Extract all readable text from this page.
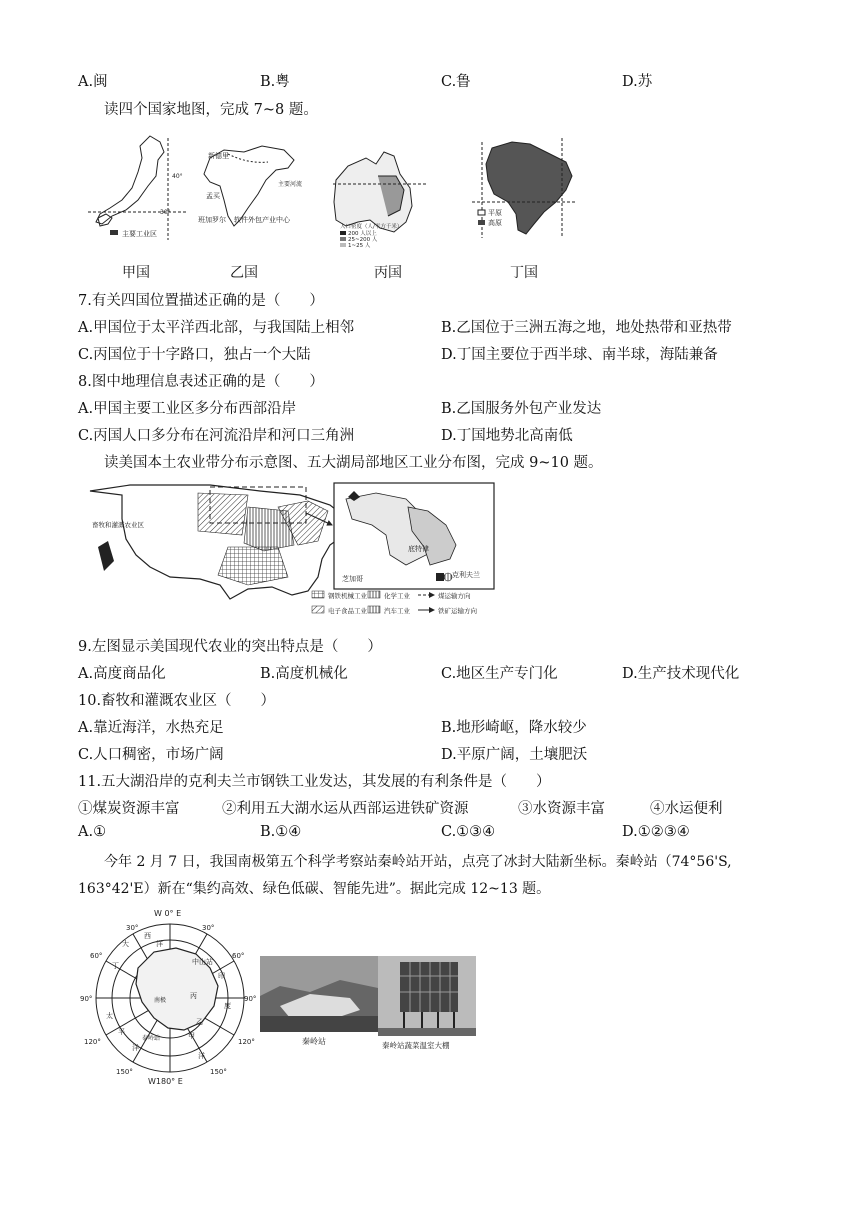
A.闽	B.粤	C.鲁	D.苏
读四个国家地图，完成 7~8 题。
40°
30°
主要工业区
新德里
孟买
班加罗尔 软件外包产业中心
主要河流
人口密度（人/平方千米）
200 人以上
25~200 人
1~25 人
平原
高原
甲国	乙国	丙国	丁国
7.有关四国位置描述正确的是（　　）
A.甲国位于太平洋西北部，与我国陆上相邻	B.乙国位于三洲五海之地，地处热带和亚热带
C.丙国位于十字路口，独占一个大陆	D.丁国主要位于西半球、南半球，海陆兼备
8.图中地理信息表述正确的是（　　）
A.甲国主要工业区多分布西部沿岸	B.乙国服务外包产业发达
C.丙国人口多分布在河流沿岸和河口三角洲	D.丁国地势北高南低
读美国本土农业带分布示意图、五大湖局部地区工业分布图，完成 9~10 题。
畜牧和灌溉农业区
底特律
芝加哥	克利夫兰
钢铁机械工业	化学工业	煤运输方向
电子食品工业	汽车工业	铁矿运输方向
9.左图显示美国现代农业的突出特点是（　　）
A.高度商品化	B.高度机械化	C.地区生产专门化	D.生产技术现代化
10.畜牧和灌溉农业区（　　）
A.靠近海洋，水热充足	B.地形崎岖，降水较少
C.人口稠密，市场广阔	D.平原广阔，土壤肥沃
11.五大湖沿岸的克利夫兰市钢铁工业发达，其发展的有利条件是（　　）
①煤炭资源丰富	②利用五大湖水运从西部运进铁矿资源	③水资源丰富	④水运便利
A.①	B.①④	C.①③④	D.①②③④
今年 2 月 7 日，我国南极第五个科学考察站秦岭站开站，点亮了冰封大陆新坐标。秦岭站（74°56'S,
163°42'E）新在“集约高效、绿色低碳、智能先进”。据此完成 12~13 题。
W 0° E
W180° E
30°	30°
60°	60°
90°	90°
120°	120°
150°	150°
大
西
洋
丁	中山站
丙
印
度
太
平
洋
乙
甲
泰岭站
洋
南极
秦岭站	秦岭站蔬菜温室大棚
